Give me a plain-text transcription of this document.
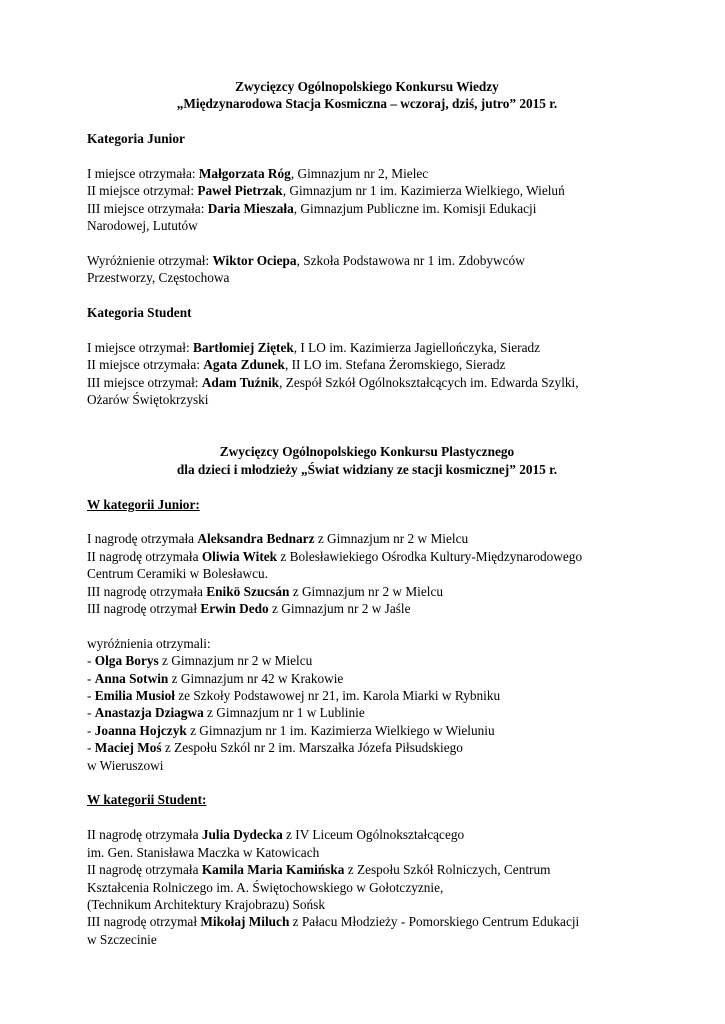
Zwycięzcy Ogólnopolskiego Konkursu Wiedzy
„Międzynarodowa Stacja Kosmiczna – wczoraj, dziś, jutro” 2015 r.
Kategoria Junior
I miejsce otrzymała: Małgorzata Róg, Gimnazjum nr 2, Mielec
II miejsce otrzymał: Paweł Pietrzak, Gimnazjum nr 1 im. Kazimierza Wielkiego, Wieluń
III miejsce otrzymała: Daria Mieszała, Gimnazjum Publiczne im. Komisji Edukacji
Narodowej, Lututów
Wyróżnienie otrzymał: Wiktor Ociepa, Szkoła Podstawowa nr 1 im. Zdobywców
Przestworzy, Częstochowa
Kategoria Student
I miejsce otrzymał: Bartłomiej Ziętek, I LO im. Kazimierza Jagiellończyka, Sieradz
II miejsce otrzymała: Agata Zdunek, II LO im. Stefana Żeromskiego, Sieradz
III miejsce otrzymał: Adam Tuźnik, Zespół Szkół Ogólnokształcących im. Edwarda Szylki,
Ożarów Świętokrzyski
Zwycięzcy Ogólnopolskiego Konkursu Plastycznego
dla dzieci i młodzieży „Świat widziany ze stacji kosmicznej” 2015 r.
W kategorii Junior:
I nagrodę otrzymała Aleksandra Bednarz z Gimnazjum nr 2 w Mielcu
II nagrodę otrzymała Oliwia Witek z Bolesławiekiego Ośrodka Kultury-Międzynarodowego
Centrum Ceramiki w Bolesławcu.
III nagrodę otrzymała Enikö Szucsán z Gimnazjum nr 2 w Mielcu
III nagrodę otrzymał Erwin Dedo z Gimnazjum nr 2 w Jaśle
wyróżnienia otrzymali:
- Olga Borys z Gimnazjum nr 2 w Mielcu
- Anna Sotwin z Gimnazjum nr 42 w Krakowie
- Emilia Musioł ze Szkoły Podstawowej nr 21, im. Karola Miarki w Rybniku
- Anastazja Dziagwa z Gimnazjum nr 1 w Lublinie
- Joanna Hojczyk z Gimnazjum nr 1 im. Kazimierza Wielkiego w Wieluniu
- Maciej Moś z Zespołu Szkól nr 2 im. Marszałka Józefa Piłsudskiego
w Wieruszowi
W kategorii Student:
II nagrodę otrzymała Julia Dydecka z IV Liceum Ogólnokształcącego
im. Gen. Stanisława Maczka w Katowicach
II nagrodę otrzymała Kamila Maria Kamińska z Zespołu Szkół Rolniczych, Centrum
Kształcenia Rolniczego im. A. Świętochowskiego w Gołotczyznie,
(Technikum Architektury Krajobrazu) Sońsk
III nagrodę otrzymał Mikołaj Miluch z Pałacu Młodzieży - Pomorskiego Centrum Edukacji
w Szczecinie
